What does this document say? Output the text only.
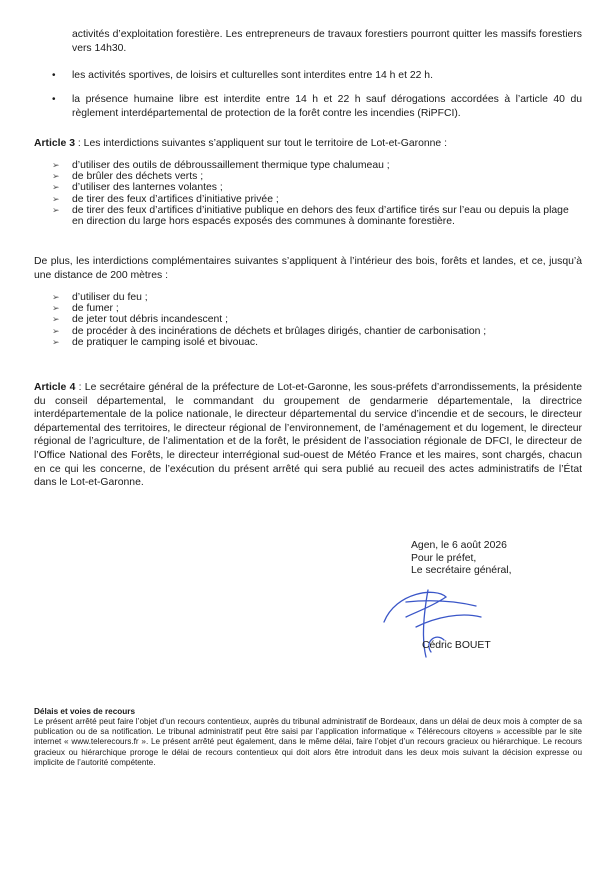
activités d’exploitation forestière. Les entrepreneurs de travaux forestiers pourront quitter les massifs forestiers vers 14h30.

•	les activités sportives, de loisirs et culturelles sont interdites entre 14 h et 22 h.
•	la présence humaine libre est interdite entre 14 h et 22 h sauf dérogations accordées à l’article 40 du règlement interdépartemental de protection de la forêt contre les incendies (RiPFCI).

Article 3 : Les interdictions suivantes s’appliquent sur tout le territoire de Lot-et-Garonne :

➢ d’utiliser des outils de débroussaillement thermique type chalumeau ;
➢ de brûler des déchets verts ;
➢ d’utiliser des lanternes volantes ;
➢ de tirer des feux d’artifices d’initiative privée ;
➢ de tirer des feux d’artifices d’initiative publique en dehors des feux d’artifice tirés sur l’eau ou depuis la plage en direction du large hors espacés exposés des communes à dominante forestière.

De plus, les interdictions complémentaires suivantes s’appliquent à l’intérieur des bois, forêts et landes, et ce, jusqu’à une distance de 200 mètres :

➢ d’utiliser du feu ;
➢ de fumer ;
➢ de jeter tout débris incandescent ;
➢ de procéder à des incinérations de déchets et brûlages dirigés, chantier de carbonisation ;
➢ de pratiquer le camping isolé et bivouac.

Article 4 : Le secrétaire général de la préfecture de Lot-et-Garonne, les sous-préfets d’arrondissements, la présidente du conseil départemental, le commandant du groupement de gendarmerie départementale, la directrice interdépartementale de la police nationale, le directeur départemental du service d’incendie et de secours, le directeur départemental des territoires, le directeur régional de l’environnement, de l’aménagement et du logement, le directeur régional de l’agriculture, de l’alimentation et de la forêt, le président de l’association régionale de DFCI, le directeur de l’Office National des Forêts, le directeur interrégional sud-ouest de Météo France et les maires, sont chargés, chacun en ce qui les concerne, de l’exécution du présent arrêté qui sera publié au recueil des actes administratifs de l’État dans le Lot-et-Garonne.

Agen, le 6 août 2026
Pour le préfet,
Le secrétaire général,
Cédric BOUET
Délais et voies de recours

Le présent arrêté peut faire l’objet d’un recours contentieux, auprès du tribunal administratif de Bordeaux, dans un délai de deux mois à compter de sa publication ou de sa notification. Le tribunal administratif peut être saisi par l’application informatique « Télérecours citoyens » accessible par le site internet « www.telerecours.fr ». Le présent arrêté peut également, dans le même délai, faire l’objet d’un recours gracieux ou hiérarchique. Le recours gracieux ou hiérarchique proroge le délai de recours contentieux qui doit alors être introduit dans les deux mois suivant la décision expresse ou implicite de l’autorité compétente.
